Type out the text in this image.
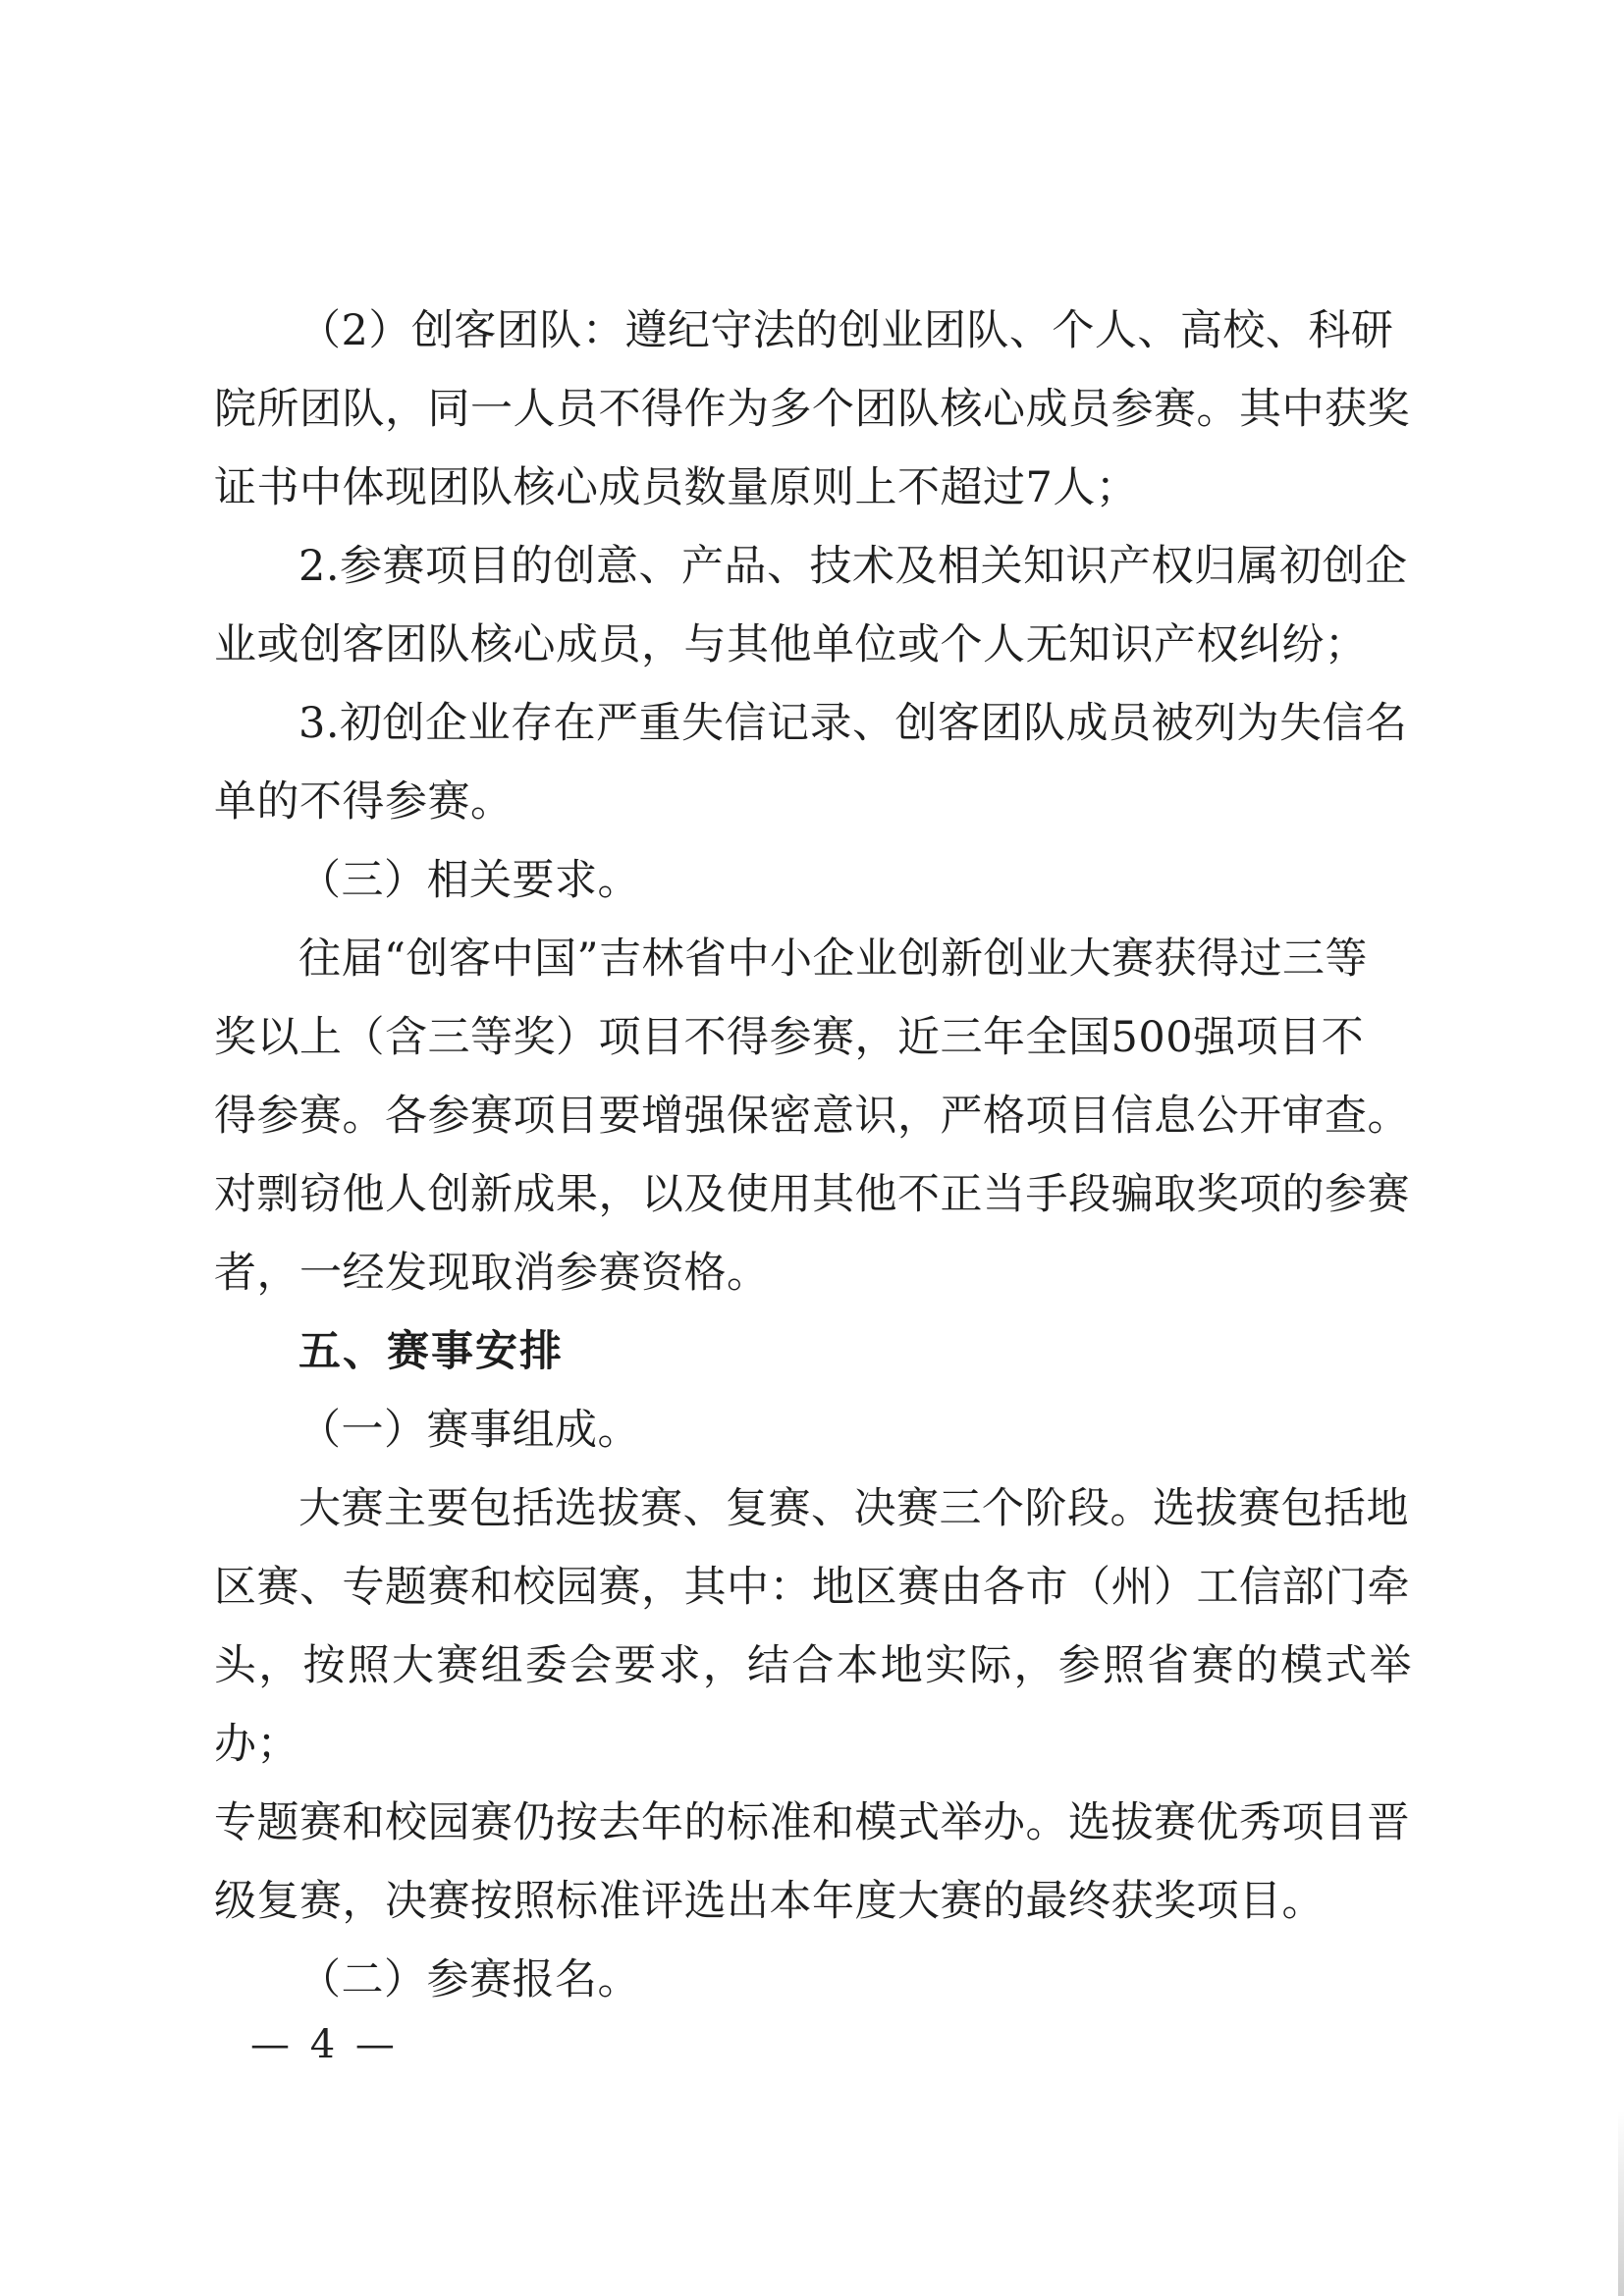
（2）创客团队：遵纪守法的创业团队、个人、高校、科研
院所团队，同一人员不得作为多个团队核心成员参赛。其中获奖
证书中体现团队核心成员数量原则上不超过7人；

2.参赛项目的创意、产品、技术及相关知识产权归属初创企
业或创客团队核心成员，与其他单位或个人无知识产权纠纷；

3.初创企业存在严重失信记录、创客团队成员被列为失信名
单的不得参赛。

（三）相关要求。

往届“创客中国”吉林省中小企业创新创业大赛获得过三等
奖以上（含三等奖）项目不得参赛，近三年全国500强项目不
得参赛。各参赛项目要增强保密意识，严格项目信息公开审查。
对剽窃他人创新成果，以及使用其他不正当手段骗取奖项的参赛
者，一经发现取消参赛资格。

五、赛事安排

（一）赛事组成。

大赛主要包括选拔赛、复赛、决赛三个阶段。选拔赛包括地
区赛、专题赛和校园赛，其中：地区赛由各市（州）工信部门牵
头，按照大赛组委会要求，结合本地实际，参照省赛的模式举办；
专题赛和校园赛仍按去年的标准和模式举办。选拔赛优秀项目晋
级复赛，决赛按照标准评选出本年度大赛的最终获奖项目。

（二）参赛报名。

— 4 —
